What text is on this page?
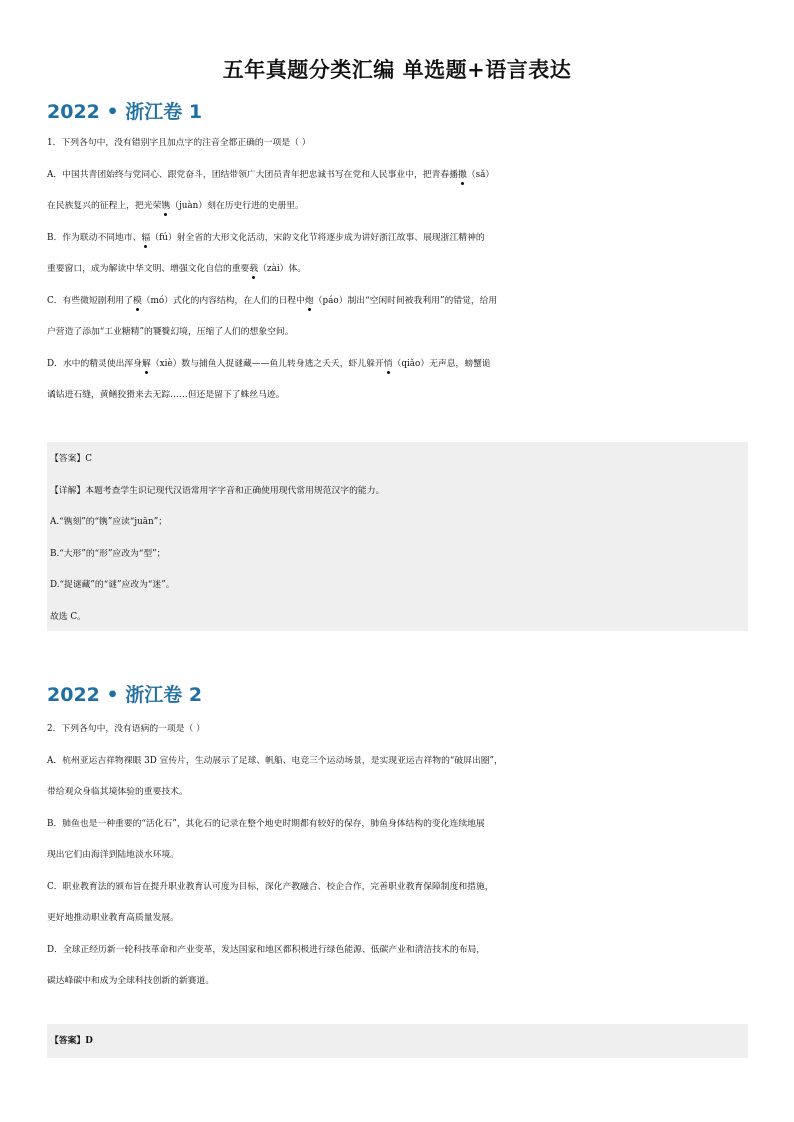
五年真题分类汇编 单选题+语言表达
2022 • 浙江卷 1
1．下列各句中，没有错别字且加点字的注音全都正确的一项是（ ）
A．中国共青团始终与党同心、跟党奋斗，团结带领广大团员青年把忠诚书写在党和人民事业中，把青春播撒（sǎ）
在民族复兴的征程上，把光荣镌（juàn）刻在历史行进的史册里。
B．作为联动不同地市、辐（fú）射全省的大形文化活动，宋韵文化节将逐步成为讲好浙江故事、展现浙江精神的
重要窗口，成为解读中华文明、增强文化自信的重要载（zài）体。
C．有些微短剧利用了模（mó）式化的内容结构，在人们的日程中炮（páo）制出“空闲时间被我利用”的错觉，给用
户营造了添加“工业糖精”的饕餮幻境，压缩了人们的想象空间。
D．水中的精灵使出浑身解（xiè）数与捕鱼人捉谜藏——鱼儿转身逃之夭夭，虾儿躲开悄（qiǎo）无声息，螃蟹诡
谲钻进石缝，黄鳝狡猾来去无踪……但还是留下了蛛丝马迹。
【答案】C
【详解】本题考查学生识记现代汉语常用字字音和正确使用现代常用规范汉字的能力。
A.“镌刻”的“镌”应读“juān”；
B.“大形”的“形”应改为“型”；
D.“捉谜藏”的“谜”应改为“迷”。
故选 C。
2022 • 浙江卷 2
2．下列各句中，没有语病的一项是（ ）
A．杭州亚运吉祥物裸眼 3D 宣传片，生动展示了足球、帆船、电竞三个运动场景，是实现亚运吉祥物的“破屏出圈”，
带给观众身临其境体验的重要技术。
B．肺鱼也是一种重要的“活化石”，其化石的记录在整个地史时期都有较好的保存，肺鱼身体结构的变化连续地展
现出它们由海洋到陆地淡水环境。
C．职业教育法的颁布旨在提升职业教育认可度为目标，深化产教融合、校企合作，完善职业教育保障制度和措施，
更好地推动职业教育高质量发展。
D．全球正经历新一轮科技革命和产业变革，发达国家和地区都积极进行绿色能源、低碳产业和清洁技术的布局，
碳达峰碳中和成为全球科技创新的新赛道。
【答案】D
